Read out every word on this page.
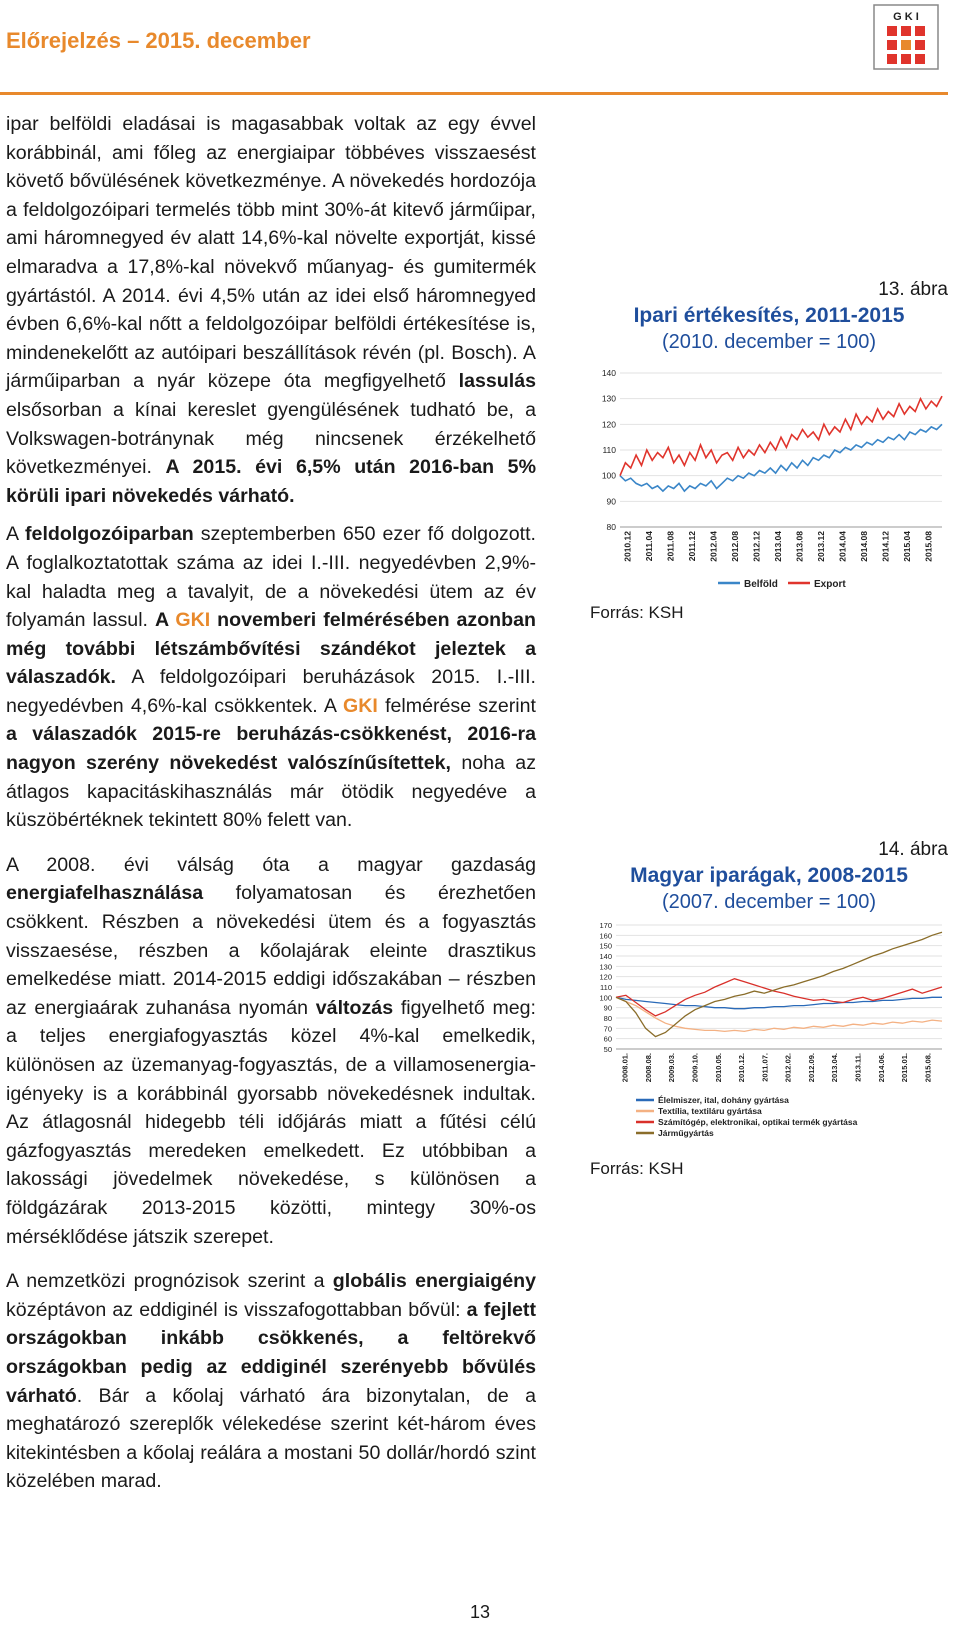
Előrejelzés – 2015. december
G K I

ipar belföldi eladásai is magasabbak voltak az egy évvel korábbinál, ami főleg az energiaipar többéves visszaesést követő bővülésének következménye. A növekedés hordozója a feldolgozóipari termelés több mint 30%-át kitevő járműipar, ami háromnegyed év alatt 14,6%-kal növelte exportját, kissé elmaradva a 17,8%-kal növekvő műanyag- és gumitermék gyártástól. A 2014. évi 4,5% után az idei első háromnegyed évben 6,6%-kal nőtt a feldolgozóipar belföldi értékesítése is, mindenekelőtt az autóipari beszállítások révén (pl. Bosch). A járműiparban a nyár közepe óta megfigyelhető lassulás elsősorban a kínai kereslet gyengülésének tudható be, a Volkswagen-botránynak még nincsenek érzékelhető következményei. A 2015. évi 6,5% után 2016-ban 5% körüli ipari növekedés várható.

A feldolgozóiparban szeptemberben 650 ezer fő dolgozott. A foglalkoztatottak száma az idei I.-III. negyedévben 2,9%-kal haladta meg a tavalyit, de a növekedési ütem az év folyamán lassul. A GKI novemberi felmérésében azonban még további létszámbővítési szándékot jeleztek a válaszadók. A feldolgozóipari beruházások 2015. I.-III. negyedévben 4,6%-kal csökkentek. A GKI felmérése szerint a válaszadók 2015-re beruházás-csökkenést, 2016-ra nagyon szerény növekedést valószínűsítettek, noha az átlagos kapacitáskihasználás már ötödik negyedéve a küszöbértéknek tekintett 80% felett van.

A 2008. évi válság óta a magyar gazdaság energiafelhasználása folyamatosan és érezhetően csökkent. Részben a növekedési ütem és a fogyasztás visszaesése, részben a kőolajárak eleinte drasztikus emelkedése miatt. 2014-2015 eddigi időszakában – részben az energiaárak zuhanása nyomán változás figyelhető meg: a teljes energiafogyasztás közel 4%-kal emelkedik, különösen az üzemanyag-fogyasztás, de a villamosenergia-igényeky is a korábbinál gyorsabb növekedésnek indultak. Az átlagosnál hidegebb téli időjárás miatt a fűtési célú gázfogyasztás meredeken emelkedett. Ez utóbbiban a lakossági jövedelmek növekedése, s különösen a földgázárak 2013-2015 közötti, mintegy 30%-os mérséklődése játszik szerepet.

A nemzetközi prognózisok szerint a globális energiaigény középtávon az eddiginél is visszafogottabban bővül: a fejlett országokban inkább csökkenés, a feltörekvő országokban pedig az eddiginél szerényebb bővülés várható. Bár a kőolaj várható ára bizonytalan, de a meghatározó szereplők vélekedése szerint két-három éves kitekintésben a kőolaj reálára a mostani 50 dollár/hordó szint közelében marad.

13. ábra
Ipari értékesítés, 2011-2015
(2010. december = 100)
80
90
100
110
120
130
140
2010.12 2011.04 2011.08 2011.12 2012.04 2012.08 2012.12 2013.04 2013.08 2013.12 2014.04 2014.08 2014.12 2015.04 2015.08
Belföld	Export
Forrás: KSH
14. ábra
Magyar iparágak, 2008-2015
(2007. december = 100)
50
60
70
80
90
100
110
120
130
140
150
160
170
2008.01. 2008.08. 2009.03. 2009.10. 2010.05. 2010.12. 2011.07. 2012.02. 2012.09. 2013.04. 2013.11. 2014.06. 2015.01. 2015.08.
Élelmiszer, ital, dohány gyártása
Textília, textiláru gyártása
Számítógép, elektronikai, optikai termék gyártása
Járműgyártás
Forrás: KSH
13
